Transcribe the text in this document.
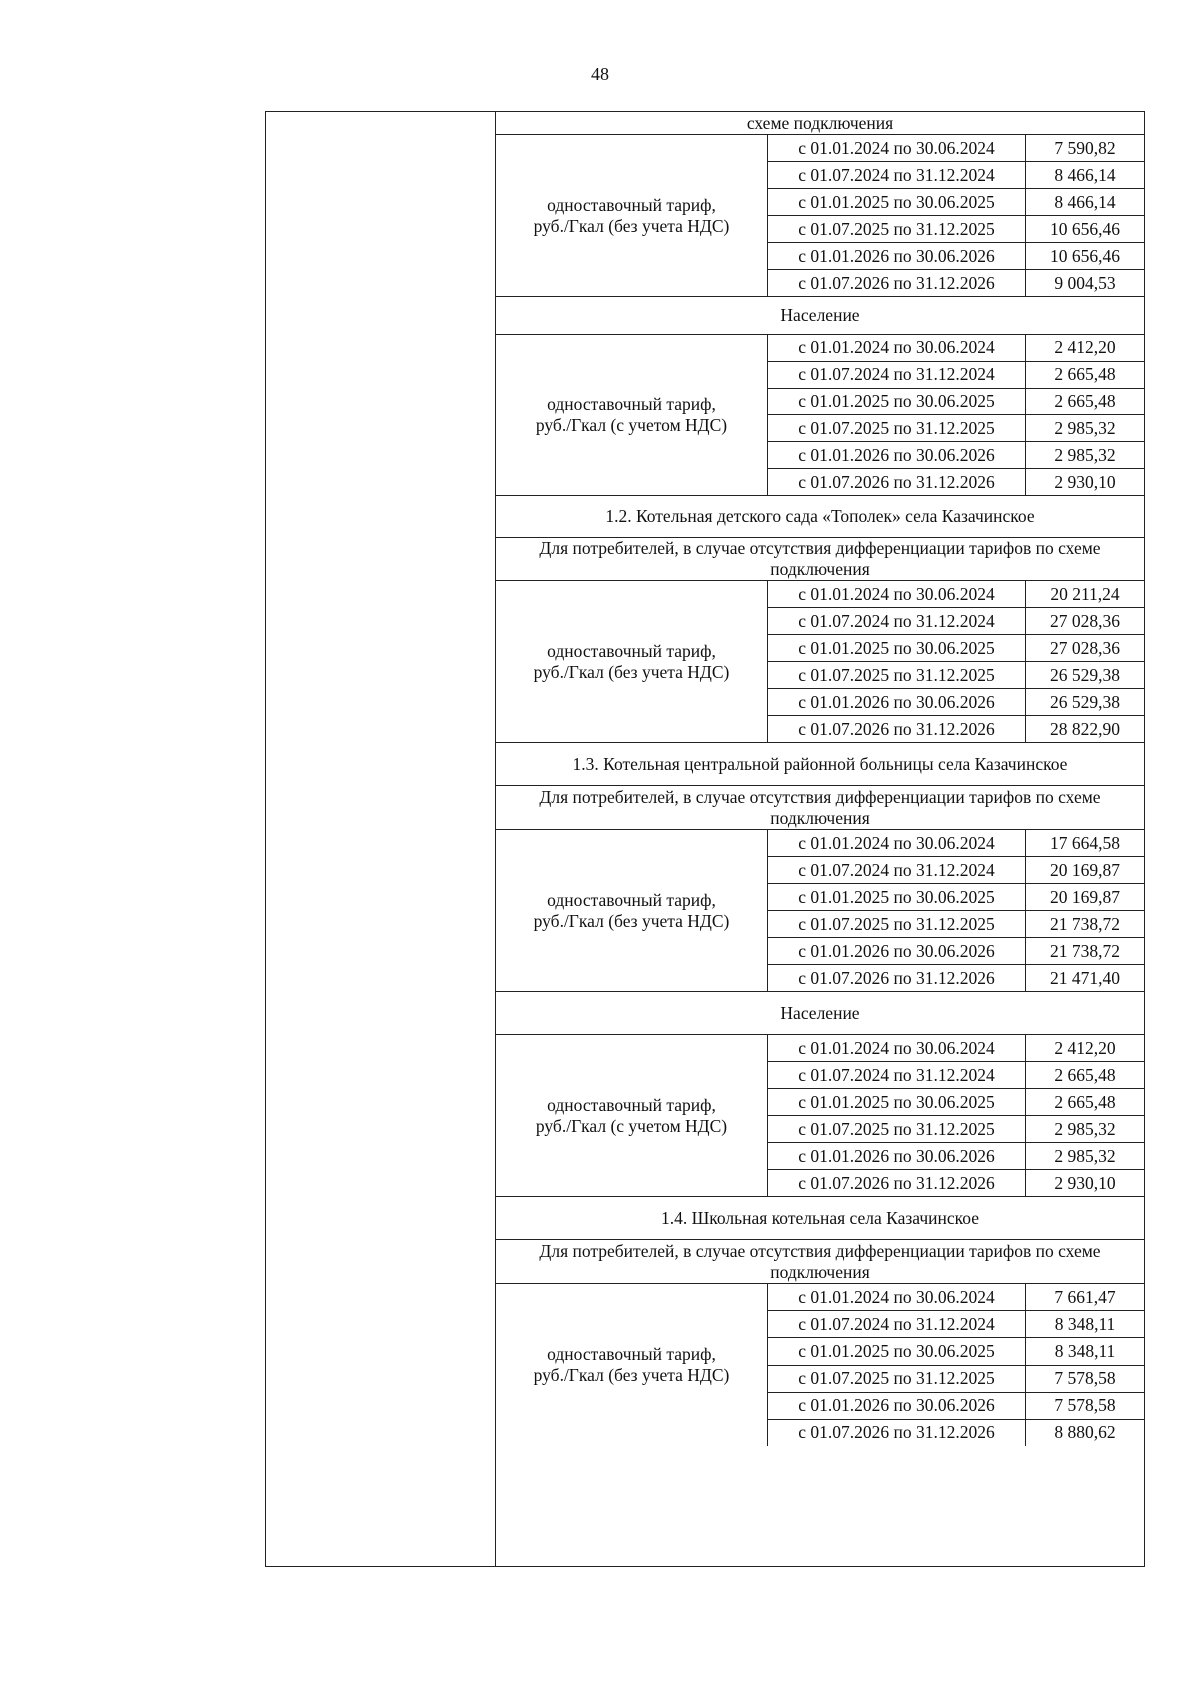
48
схеме подключения
одноставочный тариф,
руб./Гкал (без учета НДС)
с 01.01.2024 по 30.06.2024	7 590,82
с 01.07.2024 по 31.12.2024	8 466,14
с 01.01.2025 по 30.06.2025	8 466,14
с 01.07.2025 по 31.12.2025	10 656,46
с 01.01.2026 по 30.06.2026	10 656,46
с 01.07.2026 по 31.12.2026	9 004,53
Население
одноставочный тариф,
руб./Гкал (с учетом НДС)
с 01.01.2024 по 30.06.2024	2 412,20
с 01.07.2024 по 31.12.2024	2 665,48
с 01.01.2025 по 30.06.2025	2 665,48
с 01.07.2025 по 31.12.2025	2 985,32
с 01.01.2026 по 30.06.2026	2 985,32
с 01.07.2026 по 31.12.2026	2 930,10
1.2. Котельная детского сада «Тополек» села Казачинское
Для потребителей, в случае отсутствия дифференциации тарифов по схеме подключения
одноставочный тариф,
руб./Гкал (без учета НДС)
с 01.01.2024 по 30.06.2024	20 211,24
с 01.07.2024 по 31.12.2024	27 028,36
с 01.01.2025 по 30.06.2025	27 028,36
с 01.07.2025 по 31.12.2025	26 529,38
с 01.01.2026 по 30.06.2026	26 529,38
с 01.07.2026 по 31.12.2026	28 822,90
1.3. Котельная центральной районной больницы села Казачинское
Для потребителей, в случае отсутствия дифференциации тарифов по схеме подключения
одноставочный тариф,
руб./Гкал (без учета НДС)
с 01.01.2024 по 30.06.2024	17 664,58
с 01.07.2024 по 31.12.2024	20 169,87
с 01.01.2025 по 30.06.2025	20 169,87
с 01.07.2025 по 31.12.2025	21 738,72
с 01.01.2026 по 30.06.2026	21 738,72
с 01.07.2026 по 31.12.2026	21 471,40
Население
одноставочный тариф,
руб./Гкал (с учетом НДС)
с 01.01.2024 по 30.06.2024	2 412,20
с 01.07.2024 по 31.12.2024	2 665,48
с 01.01.2025 по 30.06.2025	2 665,48
с 01.07.2025 по 31.12.2025	2 985,32
с 01.01.2026 по 30.06.2026	2 985,32
с 01.07.2026 по 31.12.2026	2 930,10
1.4. Школьная котельная села Казачинское
Для потребителей, в случае отсутствия дифференциации тарифов по схеме подключения
одноставочный тариф,
руб./Гкал (без учета НДС)
с 01.01.2024 по 30.06.2024	7 661,47
с 01.07.2024 по 31.12.2024	8 348,11
с 01.01.2025 по 30.06.2025	8 348,11
с 01.07.2025 по 31.12.2025	7 578,58
с 01.01.2026 по 30.06.2026	7 578,58
с 01.07.2026 по 31.12.2026	8 880,62
